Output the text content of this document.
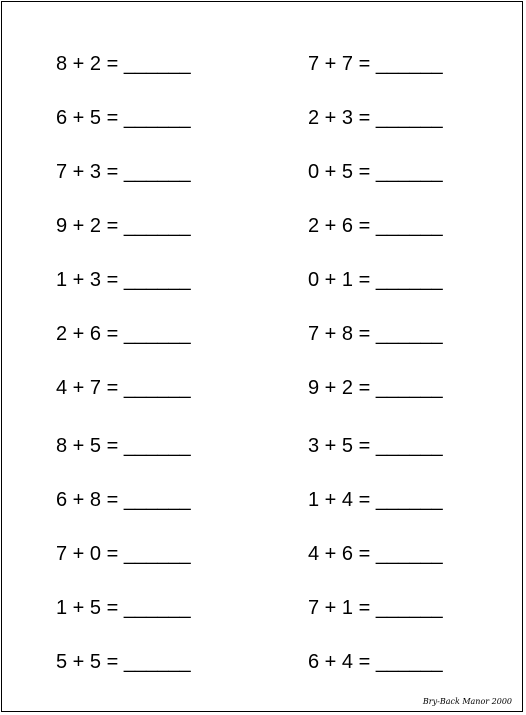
8 + 2 = ______
6 + 5 = ______
7 + 3 = ______
9 + 2 = ______
1 + 3 = ______
2 + 6 = ______
4 + 7 = ______
8 + 5 = ______
6 + 8 = ______
7 + 0 = ______
1 + 5 = ______
5 + 5 = ______
7 + 7 = ______
2 + 3 = ______
0 + 5 = ______
2 + 6 = ______
0 + 1 = ______
7 + 8 = ______
9 + 2 = ______
3 + 5 = ______
1 + 4 = ______
4 + 6 = ______
7 + 1 = ______
6 + 4 = ______
Bry-Back Manor 2000
